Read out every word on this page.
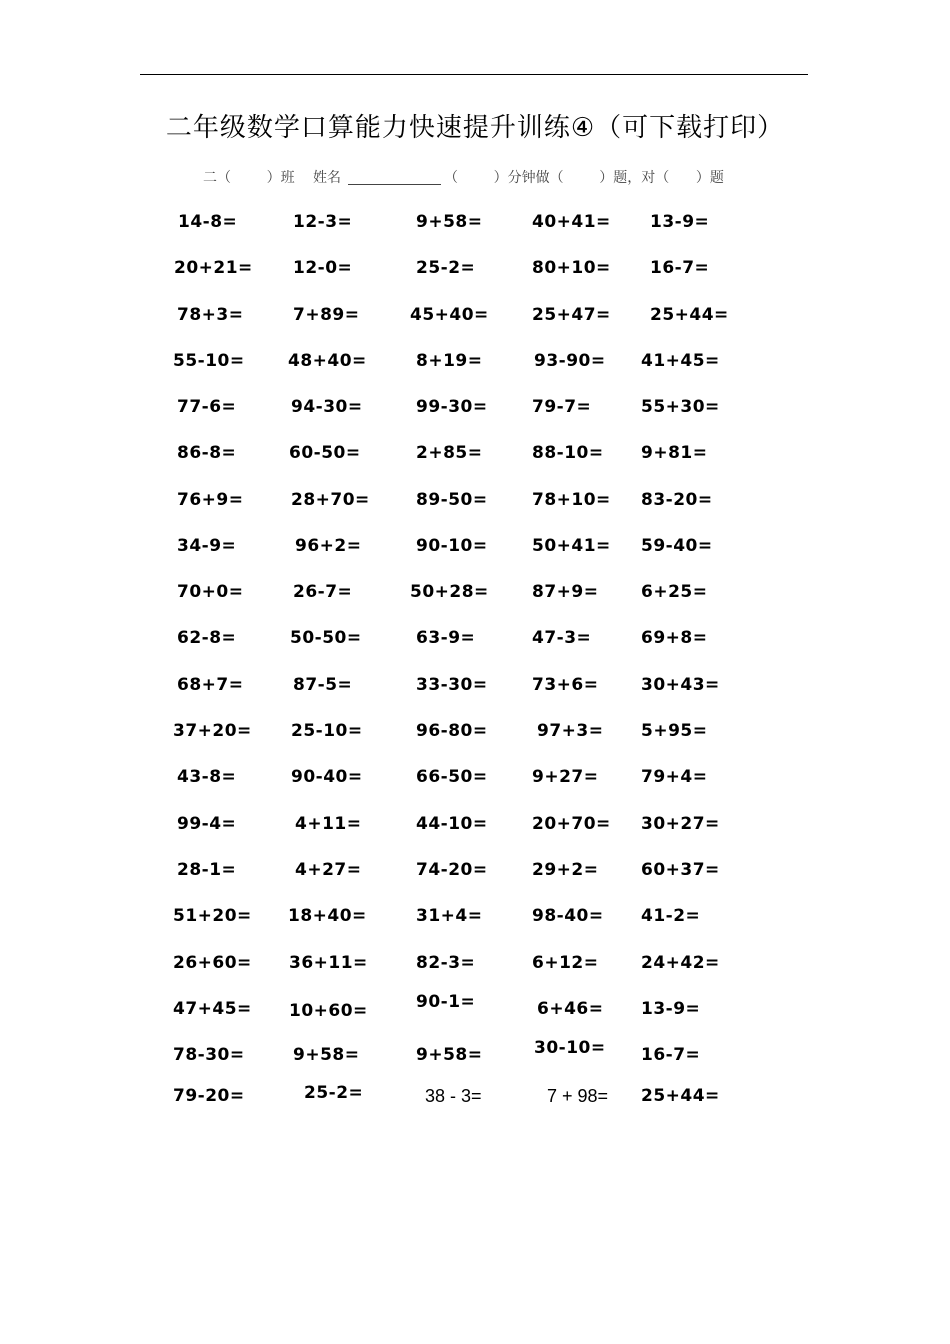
二年级数学口算能力快速提升训练④（可下载打印）
二（        ）班 姓名	（        ）分钟做（        ）题，对（      ）题
14-8=	12-3=	9+58=	40+41= 13-9=
20+21= 12-0=	25-2=	80+10= 16-7=
78+3=	7+89=	45+40=	25+47= 25+44=
55-10=	48+40=	8+19=	93-90= 41+45=
77-6=	94-30=	99-30=	79-7=	55+30=
86-8=	60-50=	2+85=	88-10= 9+81=
76+9=	28+70=	89-50=	78+10= 83-20=
34-9=	96+2=	90-10=	50+41= 59-40=
70+0=	26-7=	50+28=	87+9=	6+25=
62-8=	50-50=	63-9=	47-3=	69+8=
68+7=	87-5=	33-30=	73+6=	30+43=
37+20= 25-10=	96-80=	97+3= 5+95=
43-8=	90-40=	66-50=	9+27=	79+4=
99-4=	4+11=	44-10=	20+70= 30+27=
28-1=	4+27=	74-20=	29+2=	60+37=
51+20= 18+40=	31+4=	98-40= 41-2=
26+60= 36+11=	82-3=	6+12=	24+42=
47+45= 10+60=	90-1=	6+46= 13-9=
78-30=	9+58=	9+58=	30-10= 16-7=
79-20=	25-2=	38 - 3=	7 + 98= 25+44=
